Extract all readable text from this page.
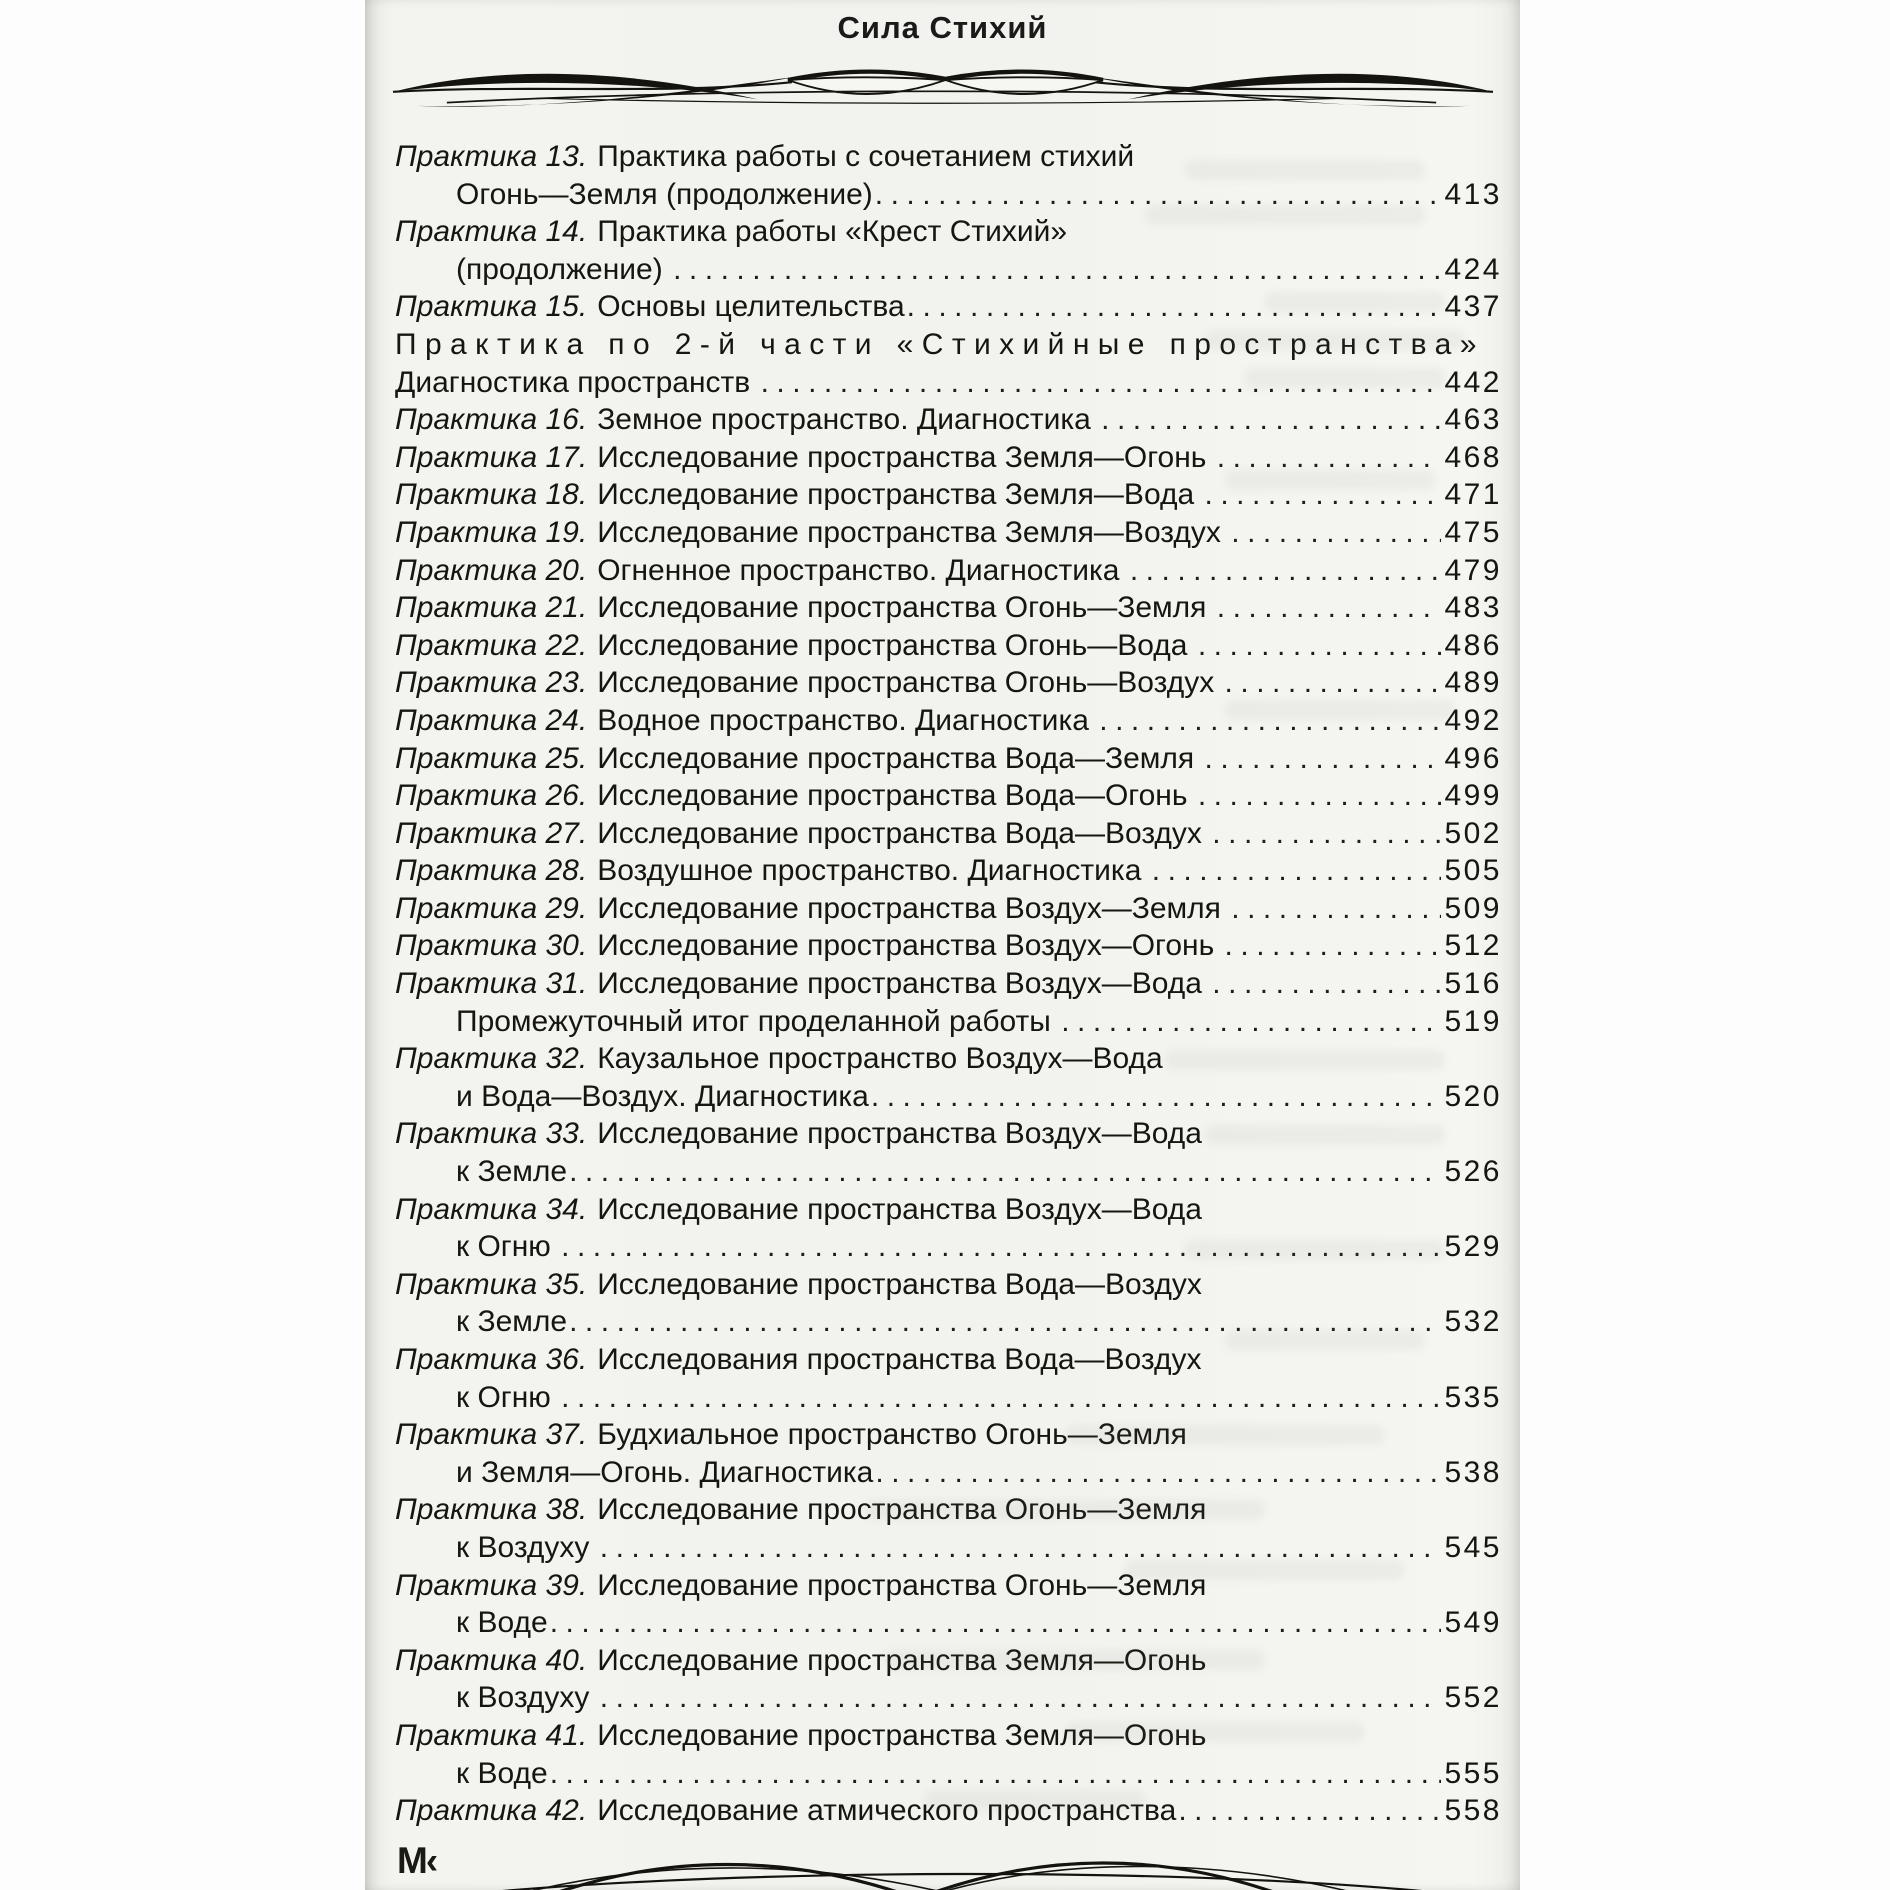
Сила Стихий
Практика 13. Практика работы с сочетанием стихий
Огонь—Земля (продолжение) .....	413
Практика 14. Практика работы «Крест Стихий»
(продолжение) .....	424
Практика 15. Основы целительства .....	437
Практика по 2-й части «Стихийные пространства»
Диагностика пространств .....	442
Практика 16. Земное пространство. Диагностика .....	463
Практика 17. Исследование пространства Земля—Огонь .....	468
Практика 18. Исследование пространства Земля—Вода .....	471
Практика 19. Исследование пространства Земля—Воздух .....	475
Практика 20. Огненное пространство. Диагностика .....	479
Практика 21. Исследование пространства Огонь—Земля .....	483
Практика 22. Исследование пространства Огонь—Вода .....	486
Практика 23. Исследование пространства Огонь—Воздух .....	489
Практика 24. Водное пространство. Диагностика .....	492
Практика 25. Исследование пространства Вода—Земля .....	496
Практика 26. Исследование пространства Вода—Огонь .....	499
Практика 27. Исследование пространства Вода—Воздух .....	502
Практика 28. Воздушное пространство. Диагностика .....	505
Практика 29. Исследование пространства Воздух—Земля .....	509
Практика 30. Исследование пространства Воздух—Огонь .....	512
Практика 31. Исследование пространства Воздух—Вода .....	516
Промежуточный итог проделанной работы .....	519
Практика 32. Каузальное пространство Воздух—Вода
и Вода—Воздух. Диагностика .....	520
Практика 33. Исследование пространства Воздух—Вода
к Земле .....	526
Практика 34. Исследование пространства Воздух—Вода
к Огню .....	529
Практика 35. Исследование пространства Вода—Воздух
к Земле .....	532
Практика 36. Исследования пространства Вода—Воздух
к Огню .....	535
Практика 37. Будхиальное пространство Огонь—Земля
и Земля—Огонь. Диагностика .....	538
Практика 38. Исследование пространства Огонь—Земля
к Воздуху .....	545
Практика 39. Исследование пространства Огонь—Земля
к Воде .....	549
Практика 40. Исследование пространства Земля—Огонь
к Воздуху .....	552
Практика 41. Исследование пространства Земля—Огонь
к Воде .....	555
Практика 42. Исследование атмического пространства .....	558
М‹
